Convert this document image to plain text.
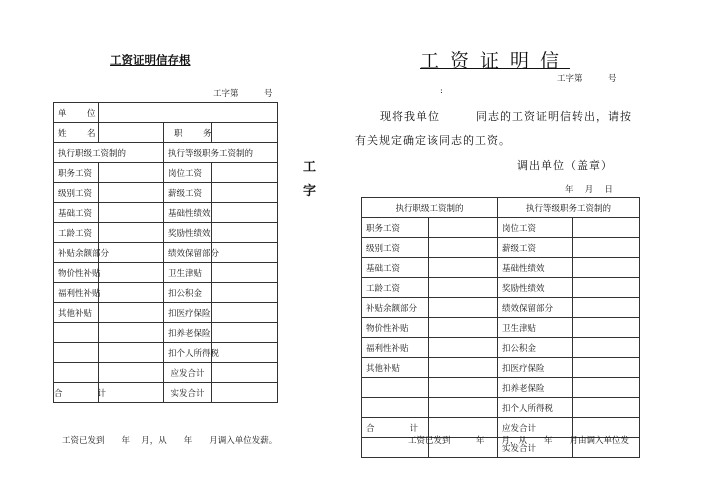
工资证明信存根
工字第　　　号
单　位			
姓　名		职　务	
执行职级工资制的		执行等级职务工资制的	
职务工资		岗位工资	
级别工资		薪级工资	
基础工资		基础性绩效	
工龄工资		奖励性绩效	
补贴余额部分		绩效保留部分	
物价性补贴		卫生津贴	
福利性补贴		扣公积金	
其他补贴		扣医疗保险	
		扣养老保险	
		扣个人所得税	
		应发合计	
合　　计		实发合计	
工资已发到　　年　 月，从　　年　　月调入单位发薪。
工
字
工资证明信
工字第　　　号
:
现将我单位　　　同志的工资证明信转出，请按
有关规定确定该同志的工资。
调出单位（盖章）
年　 月　 日
执行职级工资制的		执行等级职务工资制的	
职务工资		岗位工资	
级别工资		薪级工资	
基础工资		基础性绩效	
工龄工资		奖励性绩效	
补贴余额部分		绩效保留部分	
物价性补贴		卫生津贴	
福利性补贴		扣公积金	
其他补贴		扣医疗保险	
		扣养老保险	
		扣个人所得税	
合　　计		应发合计	
		实发合计	
工资已发到　　　年　　月，从　　年　　月由调入单位发
